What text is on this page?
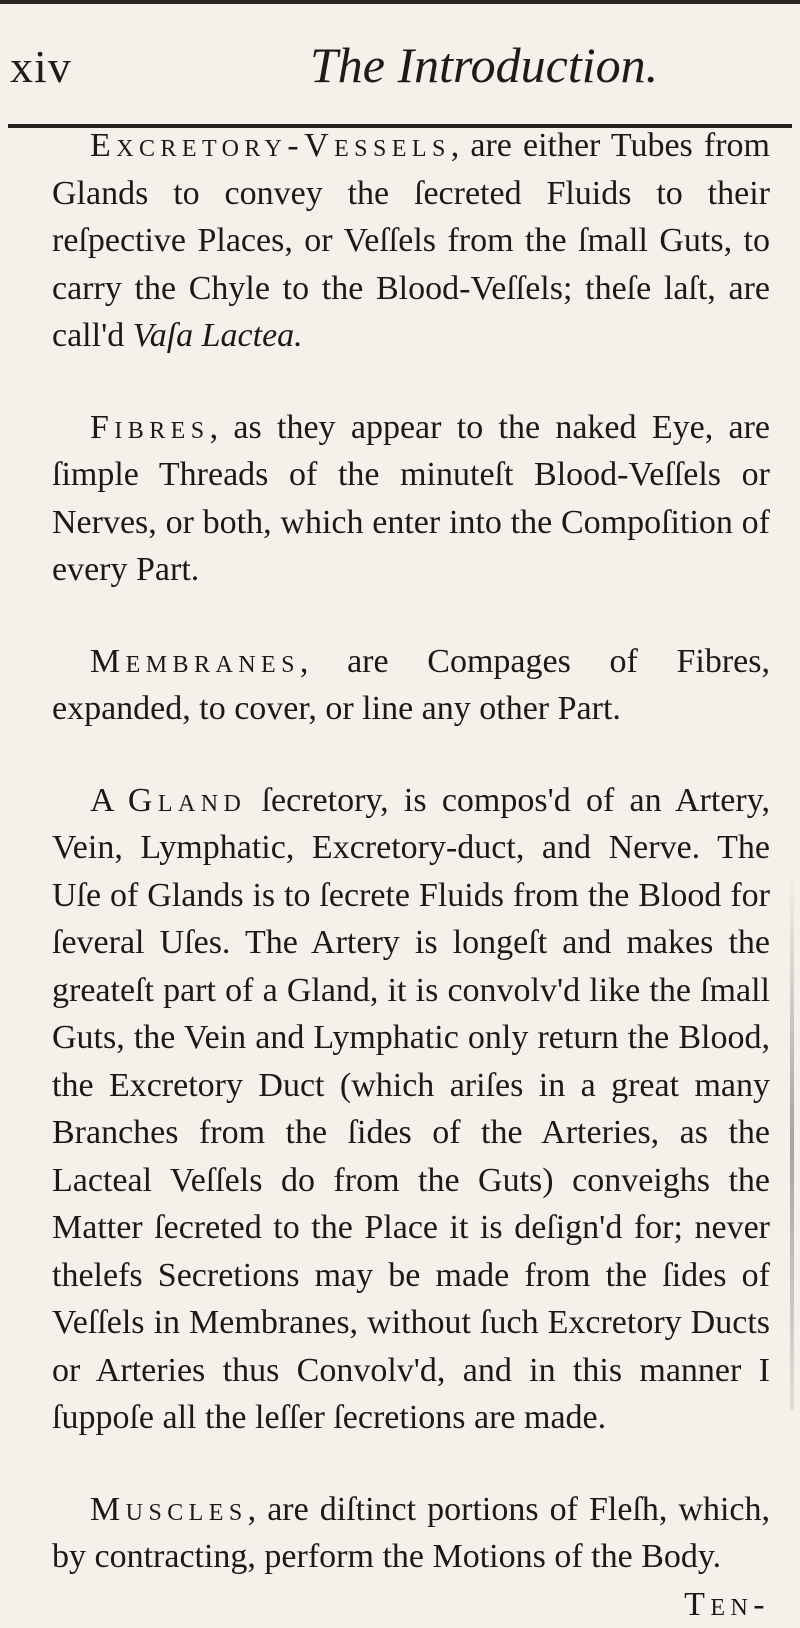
xiv	The Introduction.

Excretory-Vessels, are either Tubes from Glands to convey the ſecreted Fluids to their reſpective Places, or Veſſels from the ſmall Guts, to carry the Chyle to the Blood-Veſſels; theſe laſt, are call'd Vaſa Lactea.

Fibres, as they appear to the naked Eye, are ſimple Threads of the minuteſt Blood-Veſſels or Nerves, or both, which enter into the Compoſition of every Part.

Membranes, are Compages of Fibres, expanded, to cover, or line any other Part.

A Gland ſecretory, is compos'd of an Artery, Vein, Lymphatic, Excretory-duct, and Nerve. The Uſe of Glands is to ſecrete Fluids from the Blood for ſeveral Uſes. The Artery is longeſt and makes the greateſt part of a Gland, it is convolv'd like the ſmall Guts, the Vein and Lymphatic only return the Blood, the Excretory Duct (which ariſes in a great many Branches from the ſides of the Arteries, as the Lacteal Veſſels do from the Guts) conveighs the Matter ſecreted to the Place it is deſign'd for; never thelefs Secretions may be made from the ſides of Veſſels in Membranes, without ſuch Excretory Ducts or Arteries thus Convolv'd, and in this manner I ſuppoſe all the leſſer ſecretions are made.

Muscles, are diſtinct portions of Fleſh, which, by contracting, perform the Motions of the Body.
Ten-
